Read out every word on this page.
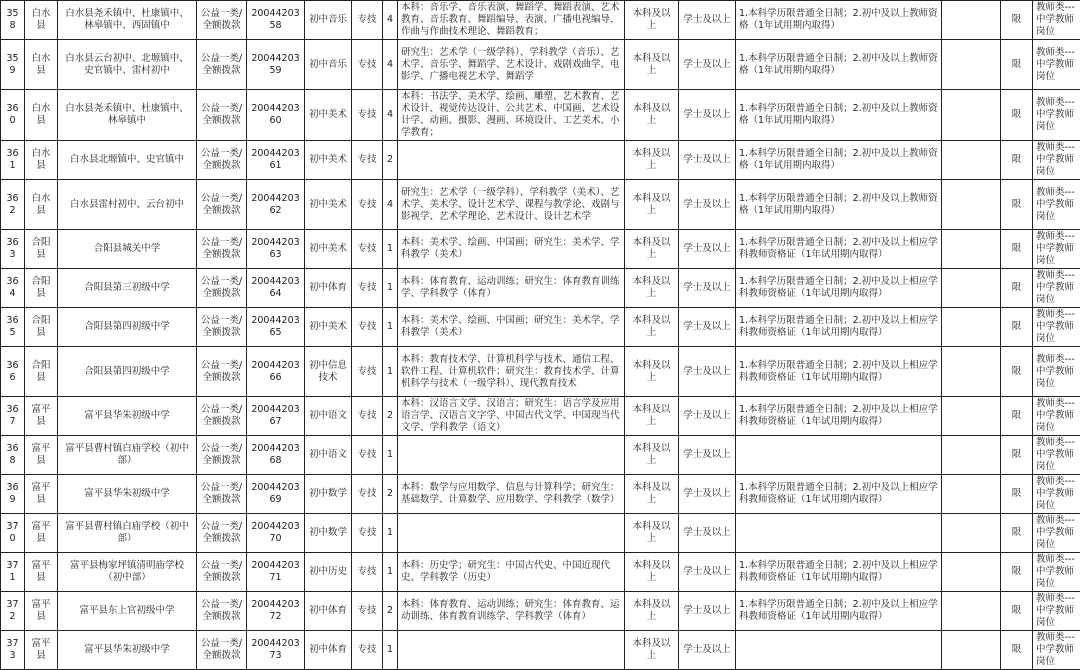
358	白水县	白水县尧禾镇中、杜康镇中、林皋镇中、西固镇中	公益一类/全额拨款	2004420358	初中音乐	专技	4	本科：音乐学、音乐表演、舞蹈学、舞蹈表演、艺术教育、音乐教育、舞蹈编导、表演、广播电视编导、作曲与作曲技术理论、舞蹈教育；	本科及以上	学士及以上	1.本科学历限普通全日制；2.初中及以上教师资格（1年试用期内取得）		限	教师类---中学教师岗位
359	白水县	白水县云台初中、北塬镇中、史官镇中、雷村初中	公益一类/全额拨款	2004420359	初中音乐	专技	4	研究生：艺术学（一级学科）、学科教学（音乐）、艺术学、音乐学、舞蹈学、艺术设计、戏剧戏曲学、电影学、广播电视艺术学、舞蹈学	本科及以上	学士及以上	1.本科学历限普通全日制；2.初中及以上教师资格（1年试用期内取得）		限	教师类---中学教师岗位
360	白水县	白水县尧禾镇中、杜康镇中、林皋镇中	公益一类/全额拨款	2004420360	初中美术	专技	4	本科：书法学、美术学、绘画、雕塑、艺术教育、艺术设计、视觉传达设计、公共艺术、中国画、艺术设计学、动画、摄影、漫画、环境设计、工艺美术、小学教育；	本科及以上	学士及以上	1.本科学历限普通全日制；2.初中及以上教师资格（1年试用期内取得）		限	教师类---中学教师岗位
361	白水县	白水县北塬镇中、史官镇中	公益一类/全额拨款	2004420361	初中美术	专技	2		本科及以上	学士及以上	1.本科学历限普通全日制；2.初中及以上教师资格（1年试用期内取得）		限	教师类---中学教师岗位
362	白水县	白水县雷村初中、云台初中	公益一类/全额拨款	2004420362	初中美术	专技	4	研究生：艺术学（一级学科）、学科教学（美术）、艺术学、美术学、设计艺术学、课程与教学论、戏剧与影视学、艺术学理论、艺术设计、设计艺术学	本科及以上	学士及以上	1.本科学历限普通全日制；2.初中及以上教师资格（1年试用期内取得）		限	教师类---中学教师岗位
363	合阳县	合阳县城关中学	公益一类/全额拨款	2004420363	初中美术	专技	1	本科：美术学、绘画、中国画；研究生：美术学、学科教学（美术）	本科及以上	学士及以上	1.本科学历限普通全日制；2.初中及以上相应学科教师资格证（1年试用期内取得）		限	教师类---中学教师岗位
364	合阳县	合阳县第三初级中学	公益一类/全额拨款	2004420364	初中体育	专技	1	本科：体育教育、运动训练；研究生：体育教育训练学、学科教学（体育）	本科及以上	学士及以上	1.本科学历限普通全日制；2.初中及以上相应学科教师资格证（1年试用期内取得）		限	教师类---中学教师岗位
365	合阳县	合阳县第四初级中学	公益一类/全额拨款	2004420365	初中美术	专技	1	本科：美术学、绘画、中国画；研究生：美术学、学科教学（美术）	本科及以上	学士及以上	1.本科学历限普通全日制；2.初中及以上相应学科教师资格证（1年试用期内取得）		限	教师类---中学教师岗位
366	合阳县	合阳县第四初级中学	公益一类/全额拨款	2004420366	初中信息技术	专技	1	本科：教育技术学、计算机科学与技术、通信工程、软件工程、计算机软件；研究生：教育技术学、计算机科学与技术（一级学科）、现代教育技术	本科及以上	学士及以上	1.本科学历限普通全日制；2.初中及以上相应学科教师资格证（1年试用期内取得）		限	教师类---中学教师岗位
367	富平县	富平县华朱初级中学	公益一类/全额拨款	2004420367	初中语文	专技	2	本科：汉语言文学、汉语言；研究生：语言学及应用语言学、汉语言文字学、中国古代文学、中国现当代文学、学科教学（语文）	本科及以上	学士及以上	1.本科学历限普通全日制；2.初中及以上相应学科教师资格证（1年试用期内取得）		限	教师类---中学教师岗位
368	富平县	富平县曹村镇白庙学校（初中部）	公益一类/全额拨款	2004420368	初中语文	专技	1		本科及以上	学士及以上			限	教师类---中学教师岗位
369	富平县	富平县华朱初级中学	公益一类/全额拨款	2004420369	初中数学	专技	2	本科：数学与应用数学、信息与计算科学；研究生：基础数学、计算数学、应用数学、学科教学（数学）	本科及以上	学士及以上	1.本科学历限普通全日制；2.初中及以上相应学科教师资格证（1年试用期内取得）		限	教师类---中学教师岗位
370	富平县	富平县曹村镇白庙学校（初中部）	公益一类/全额拨款	2004420370	初中数学	专技	1		本科及以上	学士及以上			限	教师类---中学教师岗位
371	富平县	富平县梅家坪镇清明庙学校（初中部）	公益一类/全额拨款	2004420371	初中历史	专技	1	本科：历史学；研究生：中国古代史、中国近现代史、学科教学（历史）	本科及以上	学士及以上	1.本科学历限普通全日制；2.初中及以上相应学科教师资格证（1年试用期内取得）		限	教师类---中学教师岗位
372	富平县	富平县东上官初级中学	公益一类/全额拨款	2004420372	初中体育	专技	2	本科：体育教育、运动训练；研究生：体育教育、运动训练、体育教育训练学、学科教学（体育）	本科及以上	学士及以上	1.本科学历限普通全日制；2.初中及以上相应学科教师资格证（1年试用期内取得）		限	教师类---中学教师岗位
373	富平县	富平县华朱初级中学	公益一类/全额拨款	2004420373	初中体育	专技	1		本科及以上	学士及以上			限	教师类---中学教师岗位
